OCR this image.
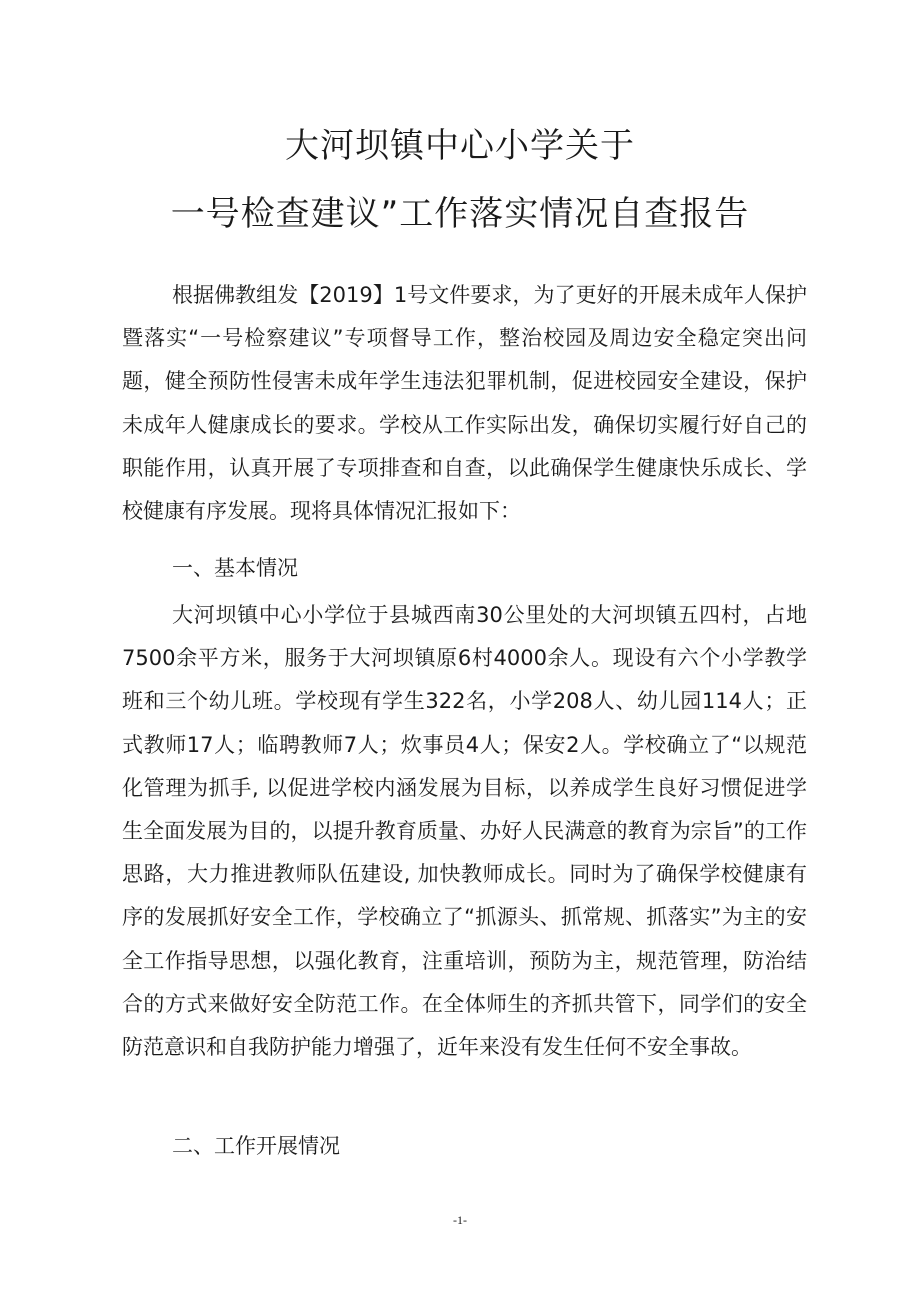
大河坝镇中心小学关于
一号检查建议”工作落实情况自查报告

根据佛教组发【2019】1号文件要求，为了更好的开展未成年人保护暨落实“一号检察建议”专项督导工作，整治校园及周边安全稳定突出问题，健全预防性侵害未成年学生违法犯罪机制，促进校园安全建设，保护未成年人健康成长的要求。学校从工作实际出发，确保切实履行好自己的职能作用，认真开展了专项排查和自查，以此确保学生健康快乐成长、学校健康有序发展。现将具体情况汇报如下：

一、基本情况

大河坝镇中心小学位于县城西南30公里处的大河坝镇五四村，占地7500余平方米，服务于大河坝镇原6村4000余人。现设有六个小学教学班和三个幼儿班。学校现有学生322名，小学208人、幼儿园114人；正式教师17人；临聘教师7人；炊事员4人；保安2人。学校确立了“以规范化管理为抓手, 以促进学校内涵发展为目标，以养成学生良好习惯促进学生全面发展为目的，以提升教育质量、办好人民满意的教育为宗旨”的工作思路，大力推进教师队伍建设, 加快教师成长。同时为了确保学校健康有序的发展抓好安全工作，学校确立了“抓源头、抓常规、抓落实”为主的安全工作指导思想，以强化教育，注重培训，预防为主，规范管理，防治结合的方式来做好安全防范工作。在全体师生的齐抓共管下，同学们的安全防范意识和自我防护能力增强了，近年来没有发生任何不安全事故。

二、工作开展情况

-1-
